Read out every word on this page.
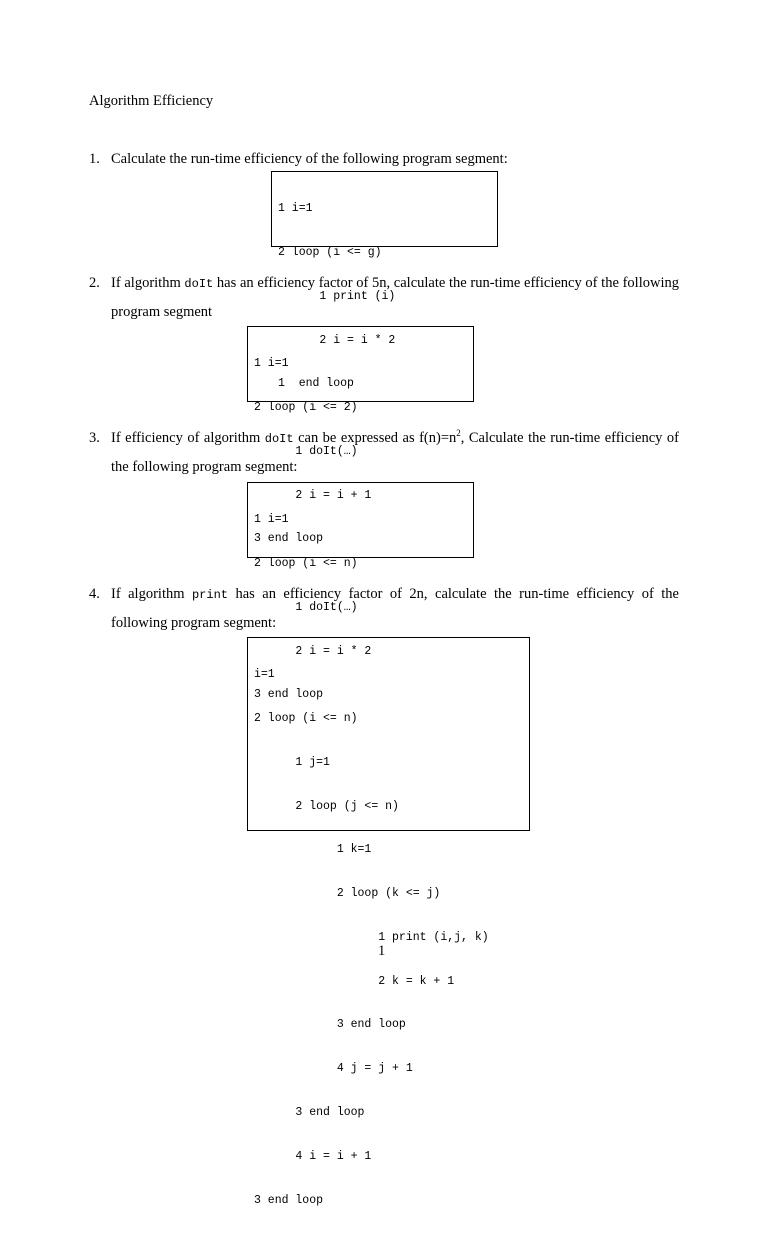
Algorithm Efficiency
1. Calculate the run-time efficiency of the following program segment:

1 i=1

2 loop (i <= g)

1 print (i)

2 i = i * 2

1  end loop

2. If algorithm doIt has an efficiency factor of 5n, calculate the run-time efficiency of the following program segment

1 i=1

2 loop (i <= 2)

1 doIt(…)

2 i = i + 1

3 end loop

3. If efficiency of algorithm doIt can be expressed as $f(n)=n^2$, Calculate the run-time efficiency of the following program segment:

1 i=1

2 loop (i <= n)

1 doIt(…)

2 i = i * 2

3 end loop

4. If algorithm print has an efficiency factor of 2n, calculate the run-time efficiency of the following program segment:

i=1

2 loop (i <= n)

1 j=1

2 loop (j <= n)

1 k=1

2 loop (k <= j)

1 print (i,j, k)

2 k = k + 1

3 end loop

4 j = j + 1

3 end loop

4 i = i + 1

3 end loop

1
